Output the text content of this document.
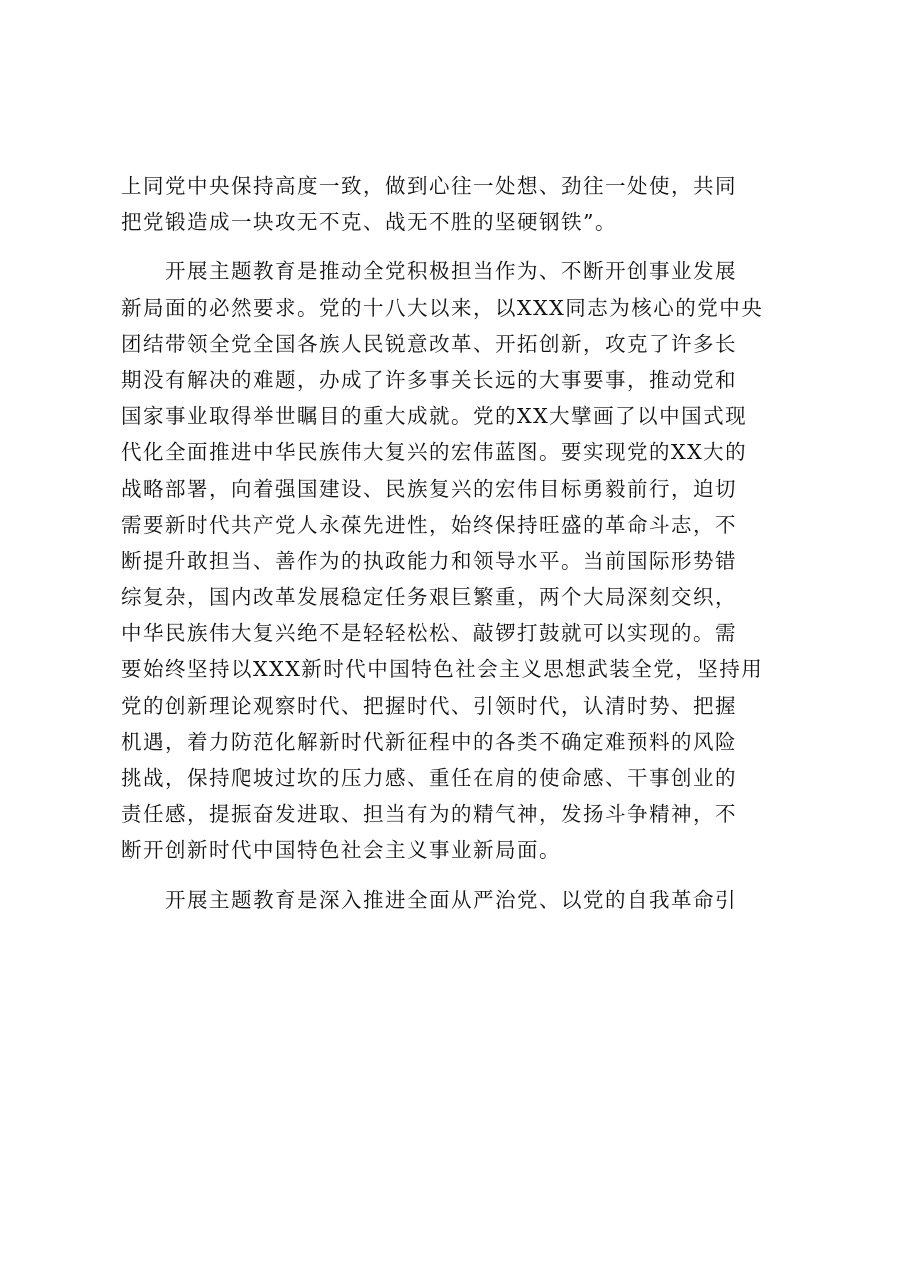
上同党中央保持高度一致，做到心往一处想、劲往一处使，共同
把党锻造成一块攻无不克、战无不胜的坚硬钢铁”。
　　开展主题教育是推动全党积极担当作为、不断开创事业发展
新局面的必然要求。党的十八大以来，以XXX同志为核心的党中央
团结带领全党全国各族人民锐意改革、开拓创新，攻克了许多长
期没有解决的难题，办成了许多事关长远的大事要事，推动党和
国家事业取得举世瞩目的重大成就。党的XX大擘画了以中国式现
代化全面推进中华民族伟大复兴的宏伟蓝图。要实现党的XX大的
战略部署，向着强国建设、民族复兴的宏伟目标勇毅前行，迫切
需要新时代共产党人永葆先进性，始终保持旺盛的革命斗志，不
断提升敢担当、善作为的执政能力和领导水平。当前国际形势错
综复杂，国内改革发展稳定任务艰巨繁重，两个大局深刻交织，
中华民族伟大复兴绝不是轻轻松松、敲锣打鼓就可以实现的。需
要始终坚持以XXX新时代中国特色社会主义思想武装全党，坚持用
党的创新理论观察时代、把握时代、引领时代，认清时势、把握
机遇，着力防范化解新时代新征程中的各类不确定难预料的风险
挑战，保持爬坡过坎的压力感、重任在肩的使命感、干事创业的
责任感，提振奋发进取、担当有为的精气神，发扬斗争精神，不
断开创新时代中国特色社会主义事业新局面。
　　开展主题教育是深入推进全面从严治党、以党的自我革命引
